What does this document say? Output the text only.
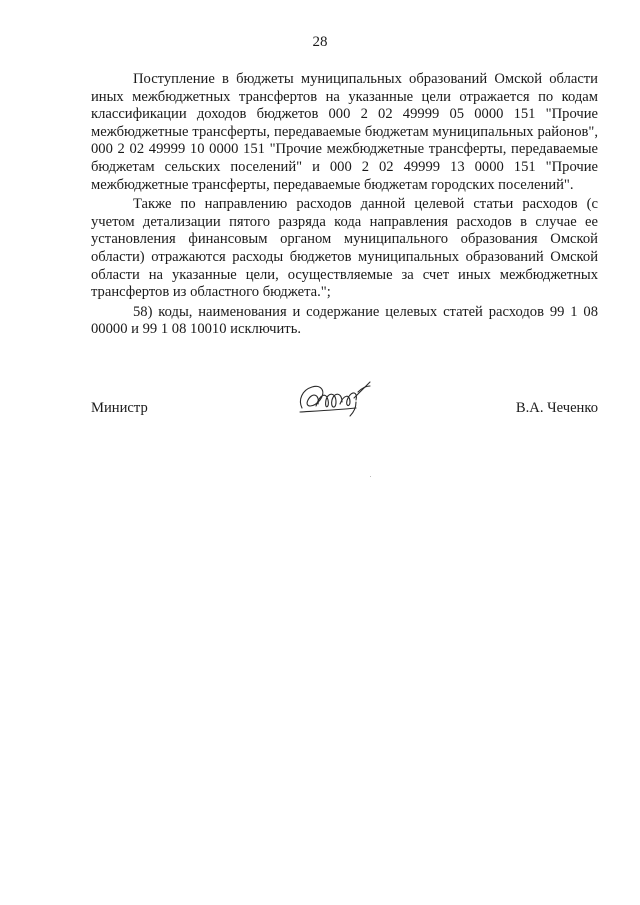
28

Поступление в бюджеты муниципальных образований Омской области иных межбюджетных трансфертов на указанные цели отражается по кодам классификации доходов бюджетов 000 2 02 49999 05 0000 151 "Прочие межбюджетные трансферты, передаваемые бюджетам муниципальных районов", 000 2 02 49999 10 0000 151 "Прочие межбюджетные трансферты, передаваемые бюджетам сельских поселений" и 000 2 02 49999 13 0000 151 "Прочие межбюджетные трансферты, передаваемые бюджетам городских поселений".

Также по направлению расходов данной целевой статьи расходов (с учетом детализации пятого разряда кода направления расходов в случае ее установления финансовым органом муниципального образования Омской области) отражаются расходы бюджетов муниципальных образований Омской области на указанные цели, осуществляемые за счет иных межбюджетных трансфертов из областного бюджета.";

58) коды, наименования и содержание целевых статей расходов 99 1 08 00000 и 99 1 08 10010 исключить.

Министр	В.А. Чеченко
